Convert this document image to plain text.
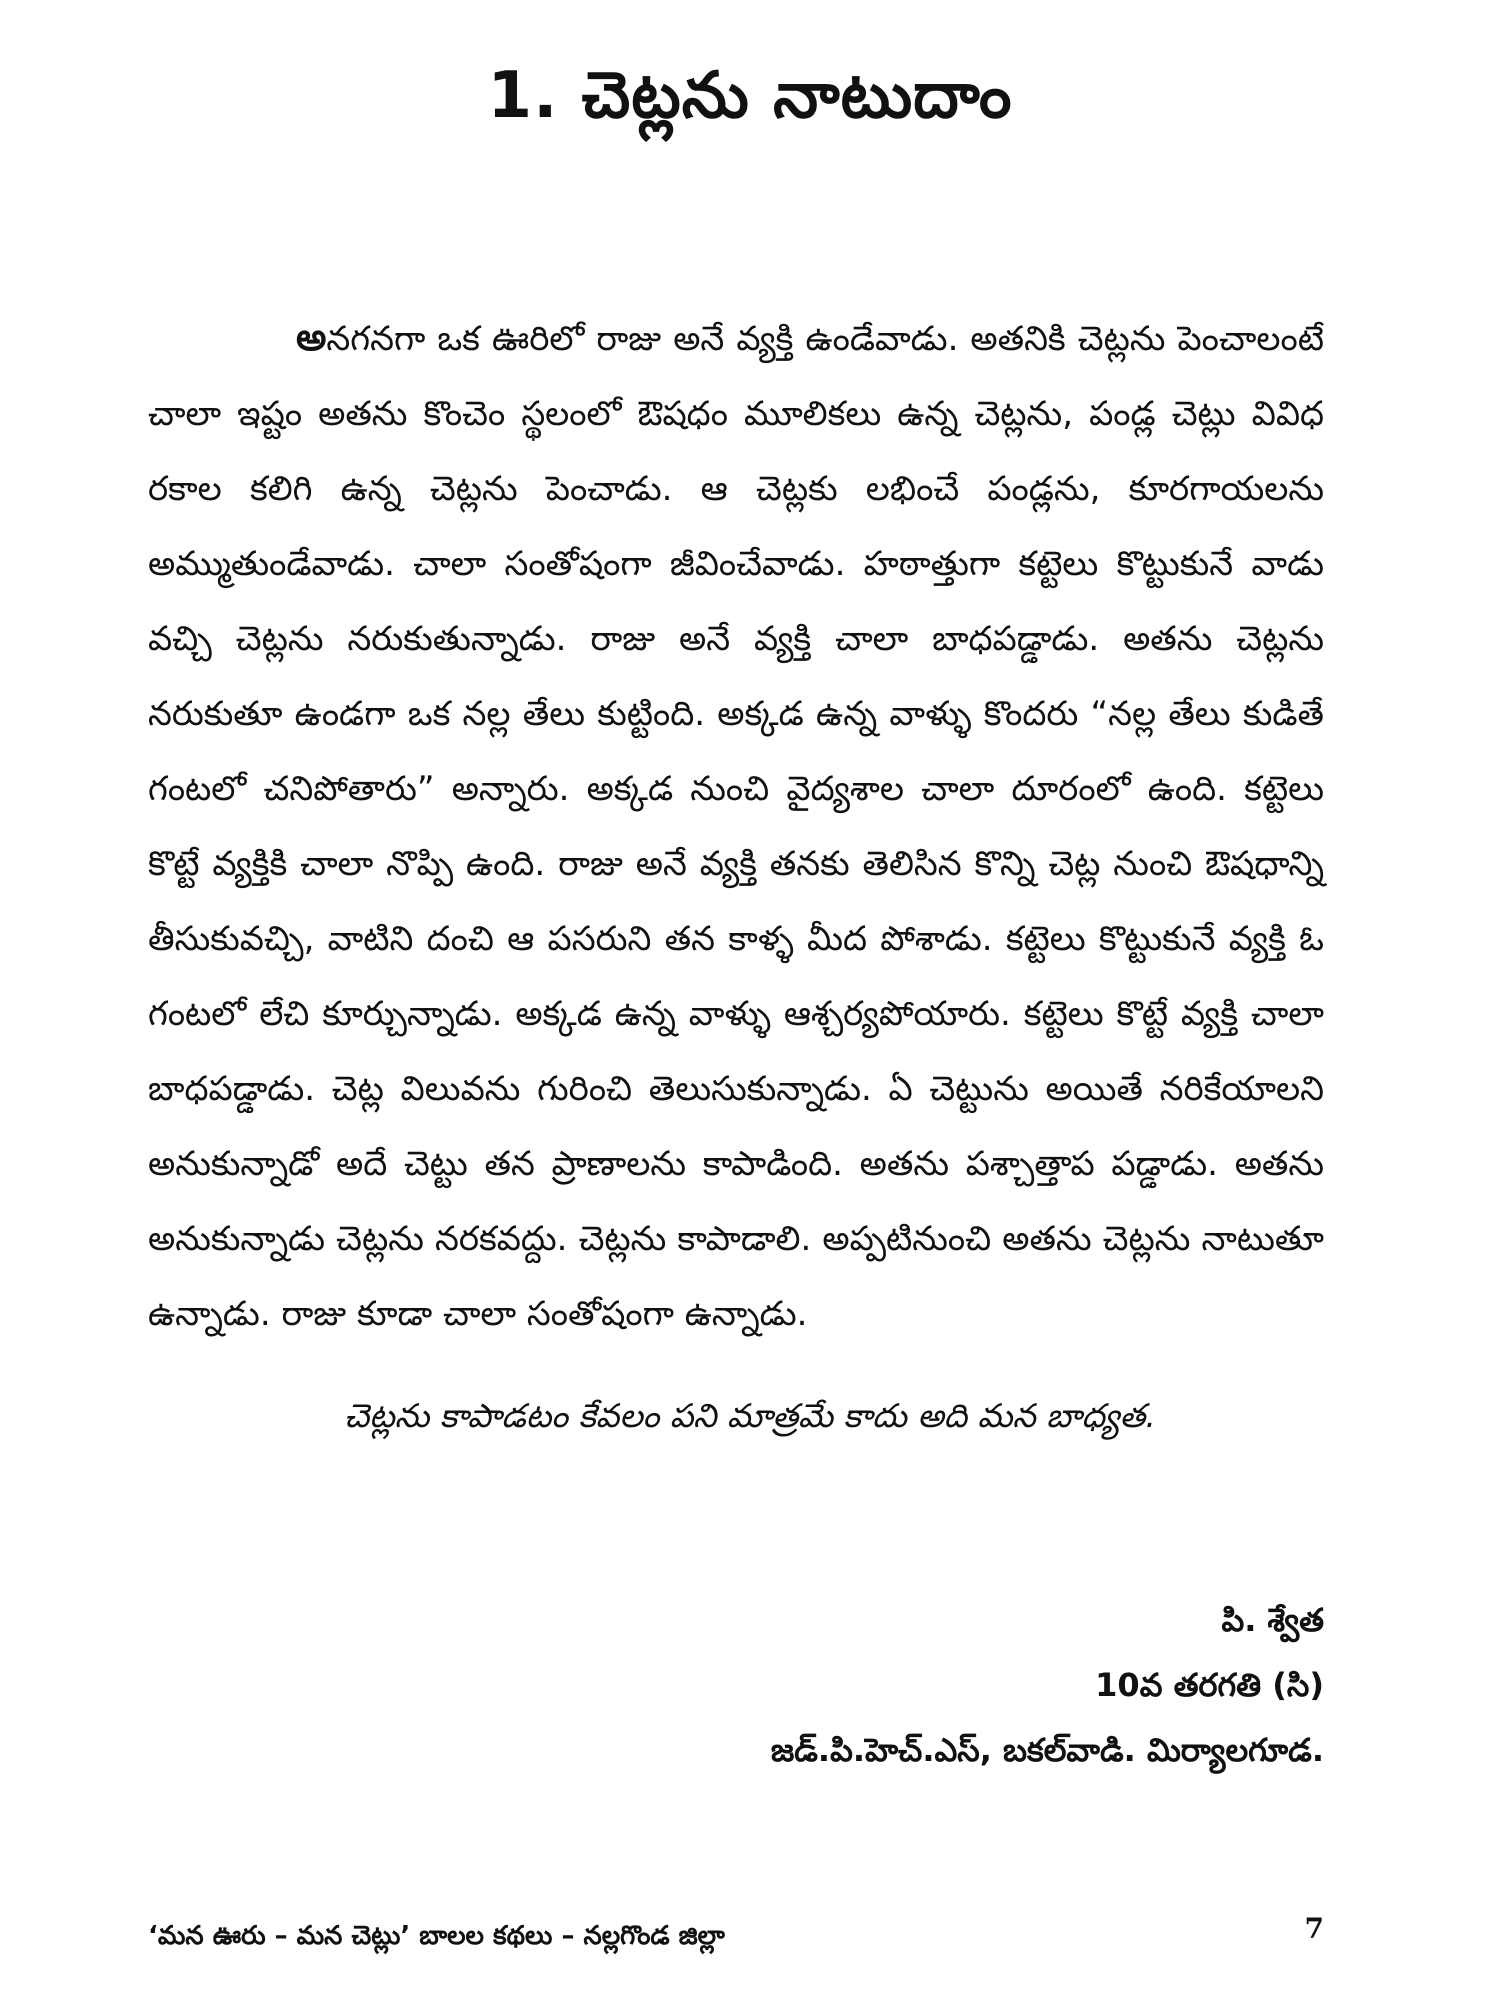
1. చెట్లను నాటుదాం

అనగనగా ఒక ఊరిలో రాజు అనే వ్యక్తి ఉండేవాడు. అతనికి చెట్లను పెంచాలంటే చాలా ఇష్టం అతను కొంచెం స్థలంలో ఔషధం మూలికలు ఉన్న చెట్లను, పండ్ల చెట్లు వివిధ రకాల కలిగి ఉన్న చెట్లను పెంచాడు. ఆ చెట్లకు లభించే పండ్లను, కూరగాయలను అమ్ముతుండేవాడు. చాలా సంతోషంగా జీవించేవాడు. హఠాత్తుగా కట్టెలు కొట్టుకునే వాడు వచ్చి చెట్లను నరుకుతున్నాడు. రాజు అనే వ్యక్తి చాలా బాధపడ్డాడు. అతను చెట్లను నరుకుతూ ఉండగా ఒక నల్ల తేలు కుట్టింది. అక్కడ ఉన్న వాళ్ళు కొందరు “నల్ల తేలు కుడితే గంటలో చనిపోతారు” అన్నారు. అక్కడ నుంచి వైద్యశాల చాలా దూరంలో ఉంది. కట్టెలు కొట్టే వ్యక్తికి చాలా నొప్పి ఉంది. రాజు అనే వ్యక్తి తనకు తెలిసిన కొన్ని చెట్ల నుంచి ఔషధాన్ని తీసుకువచ్చి, వాటిని దంచి ఆ పసరుని తన కాళ్ళ మీద పోశాడు. కట్టెలు కొట్టుకునే వ్యక్తి ఓ గంటలో లేచి కూర్చున్నాడు. అక్కడ ఉన్న వాళ్ళు ఆశ్చర్యపోయారు. కట్టెలు కొట్టే వ్యక్తి చాలా బాధపడ్డాడు. చెట్ల విలువను గురించి తెలుసుకున్నాడు. ఏ చెట్టును అయితే నరికేయాలని అనుకున్నాడో అదే చెట్టు తన ప్రాణాలను కాపాడింది. అతను పశ్చాత్తాప పడ్డాడు. అతను అనుకున్నాడు చెట్లను నరకవద్దు. చెట్లను కాపాడాలి. అప్పటినుంచి అతను చెట్లను నాటుతూ ఉన్నాడు. రాజు కూడా చాలా సంతోషంగా ఉన్నాడు.

చెట్లను కాపాడటం కేవలం పని మాత్రమే కాదు అది మన బాధ్యత.
పి. శ్వేత
10వ తరగతి (సి)
జడ్.పి.హెచ్.ఎస్, బకల్‌వాడి. మిర్యాలగూడ.
‘మన ఊరు – మన చెట్లు’ బాలల కథలు – నల్లగొండ జిల్లా	7
